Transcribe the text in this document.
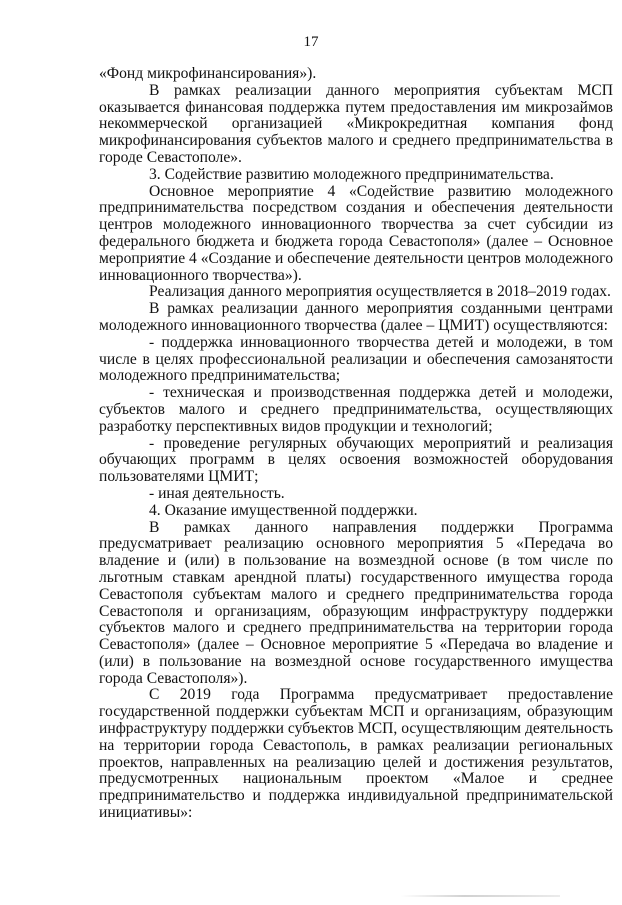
17

«Фонд микрофинансирования»).

В рамках реализации данного мероприятия субъектам МСП оказывается финансовая поддержка путем предоставления им микрозаймов некоммерческой организацией «Микрокредитная компания фонд микрофинансирования субъектов малого и среднего предпринимательства в городе Севастополе».

3. Содействие развитию молодежного предпринимательства.

Основное мероприятие 4 «Содействие развитию молодежного предпринимательства посредством создания и обеспечения деятельности центров молодежного инновационного творчества за счет субсидии из федерального бюджета и бюджета города Севастополя» (далее – Основное мероприятие 4 «Создание и обеспечение деятельности центров молодежного инновационного творчества»).

Реализация данного мероприятия осуществляется в 2018–2019 годах.

В рамках реализации данного мероприятия созданными центрами молодежного инновационного творчества (далее – ЦМИТ) осуществляются:

- поддержка инновационного творчества детей и молодежи, в том числе в целях профессиональной реализации и обеспечения самозанятости молодежного предпринимательства;

- техническая и производственная поддержка детей и молодежи, субъектов малого и среднего предпринимательства, осуществляющих разработку перспективных видов продукции и технологий;

- проведение регулярных обучающих мероприятий и реализация обучающих программ в целях освоения возможностей оборудования пользователями ЦМИТ;

- иная деятельность.

4. Оказание имущественной поддержки.

В рамках данного направления поддержки Программа предусматривает реализацию основного мероприятия 5 «Передача во владение и (или) в пользование на возмездной основе (в том числе по льготным ставкам арендной платы) государственного имущества города Севастополя субъектам малого и среднего предпринимательства города Севастополя и организациям, образующим инфраструктуру поддержки субъектов малого и среднего предпринимательства на территории города Севастополя» (далее – Основное мероприятие 5 «Передача во владение и (или) в пользование на возмездной основе государственного имущества города Севастополя»).

С 2019 года Программа предусматривает предоставление государственной поддержки субъектам МСП и организациям, образующим инфраструктуру поддержки субъектов МСП, осуществляющим деятельность на территории города Севастополь, в рамках реализации региональных проектов, направленных на реализацию целей и достижения результатов, предусмотренных национальным проектом «Малое и среднее предпринимательство и поддержка индивидуальной предпринимательской инициативы»:
